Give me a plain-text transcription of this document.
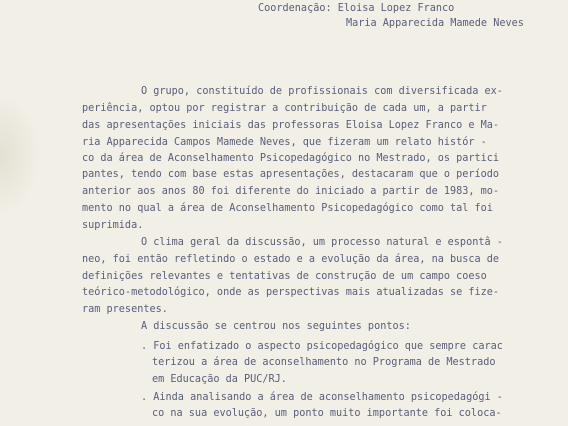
Coordenação: Eloisa Lopez Franco
Maria Apparecida Mamede Neves
O grupo, constituído de profissionais com diversificada ex-
periência, optou por registrar a contribuição de cada um, a partir
das apresentações iniciais das professoras Eloisa Lopez Franco e Ma-
ria Apparecida Campos Mamede Neves, que fizeram um relato histór -
co da área de Aconselhamento Psicopedagógico no Mestrado, os partici
pantes, tendo com base estas apresentações, destacaram que o período
anterior aos anos 80 foi diferente do iniciado a partir de 1983, mo-
mento no qual a área de Aconselhamento Psicopedagógico como tal foi
suprimida.
O clima geral da discussão, um processo natural e espontâ -
neo, foi então refletindo o estado e a evolução da área, na busca de
definições relevantes e tentativas de construção de um campo coeso
teórico-metodológico, onde as perspectivas mais atualizadas se fize-
ram presentes.
A discussão se centrou nos seguintes pontos:
. Foi enfatizado o aspecto psicopedagógico que sempre carac
terizou a área de aconselhamento no Programa de Mestrado
em Educação da PUC/RJ.
. Ainda analisando a área de aconselhamento psicopedagógi -
co na sua evolução, um ponto muito importante foi coloca-
